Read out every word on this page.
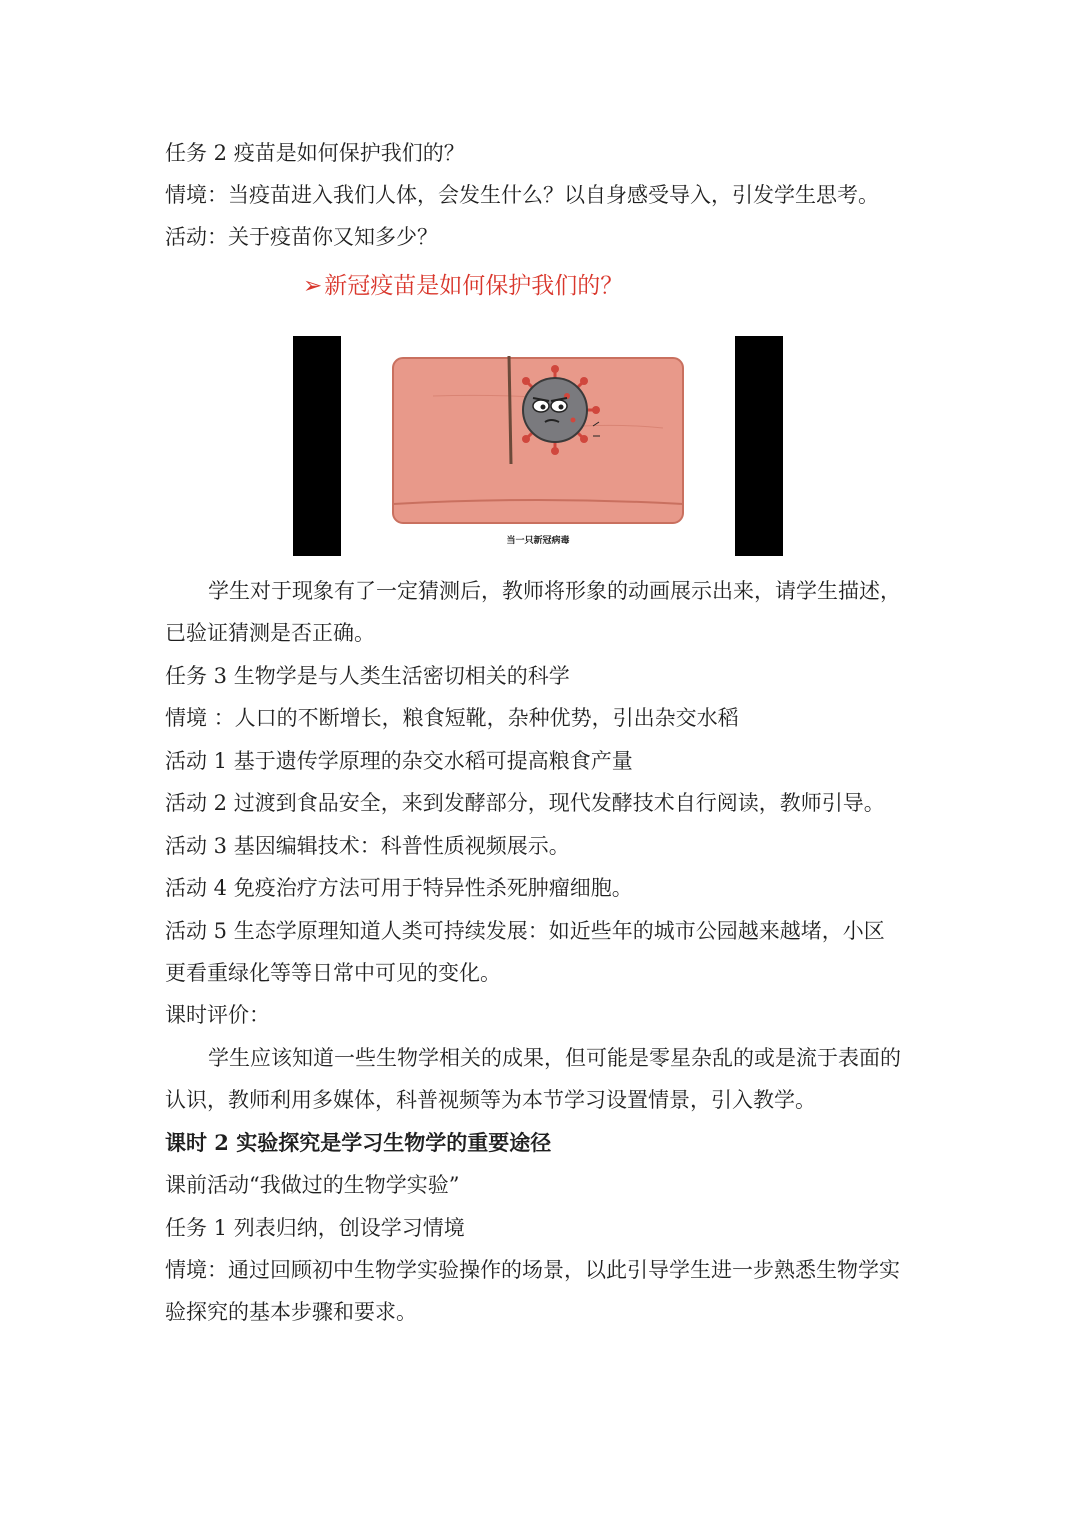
任务 2 疫苗是如何保护我们的？
情境：当疫苗进入我们人体，会发生什么？以自身感受导入，引发学生思考。
活动：关于疫苗你又知多少？
➢新冠疫苗是如何保护我们的？
当一只新冠病毒
学生对于现象有了一定猜测后，教师将形象的动画展示出来，请学生描述，
已验证猜测是否正确。
任务 3 生物学是与人类生活密切相关的科学
情境 ：人口的不断增长，粮食短靴，杂种优势，引出杂交水稻
活动 1 基于遗传学原理的杂交水稻可提高粮食产量
活动 2 过渡到食品安全，来到发酵部分，现代发酵技术自行阅读，教师引导。
活动 3 基因编辑技术：科普性质视频展示。
活动 4 免疫治疗方法可用于特异性杀死肿瘤细胞。
活动 5 生态学原理知道人类可持续发展：如近些年的城市公园越来越堵，小区
更看重绿化等等日常中可见的变化。
课时评价：
学生应该知道一些生物学相关的成果，但可能是零星杂乱的或是流于表面的
认识，教师利用多媒体，科普视频等为本节学习设置情景，引入教学。
课时 2 实验探究是学习生物学的重要途径
课前活动“我做过的生物学实验”
任务 1 列表归纳，创设学习情境
情境：通过回顾初中生物学实验操作的场景，以此引导学生进一步熟悉生物学实
验探究的基本步骤和要求。
